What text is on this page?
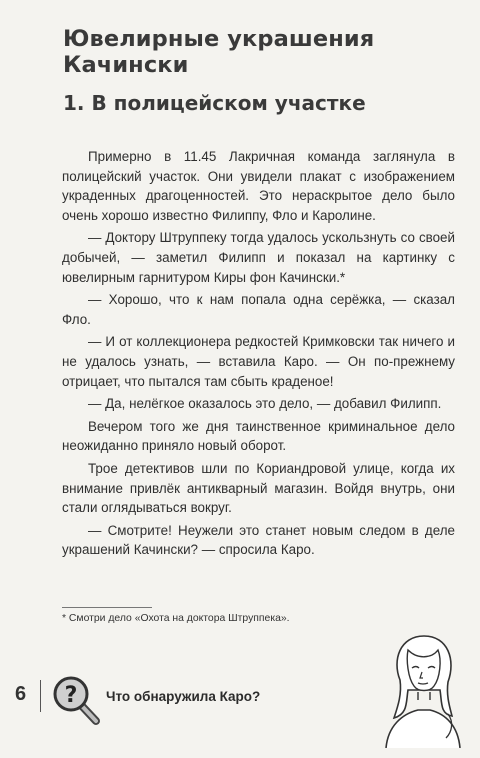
Ювелирные украшения
Качински
1. В полицейском участке

Примерно в 11.45 Лакричная команда заглянула в полицейский участок. Они увидели плакат с изображением украденных драгоценностей. Это нераскрытое дело было очень хорошо известно Филиппу, Фло и Каролине.

— Доктору Штруппеку тогда удалось ускользнуть со своей добычей, — заметил Филипп и показал на картинку с ювелирным гарнитуром Киры фон Качински.*

— Хорошо, что к нам попала одна серёжка, — сказал Фло.

— И от коллекционера редкостей Кримковски так ничего и не удалось узнать, — вставила Каро. — Он по-прежнему отрицает, что пытался там сбыть краденое!

— Да, нелёгкое оказалось это дело, — добавил Филипп.

Вечером того же дня таинственное криминальное дело неожиданно приняло новый оборот.

Трое детективов шли по Кориандровой улице, когда их внимание привлёк антикварный магазин. Войдя внутрь, они стали оглядываться вокруг.

— Смотрите! Неужели это станет новым следом в деле украшений Качински? — спросила Каро.

* Смотри дело «Охота на доктора Штруппека».
6 ? Что обнаружила Каро?
